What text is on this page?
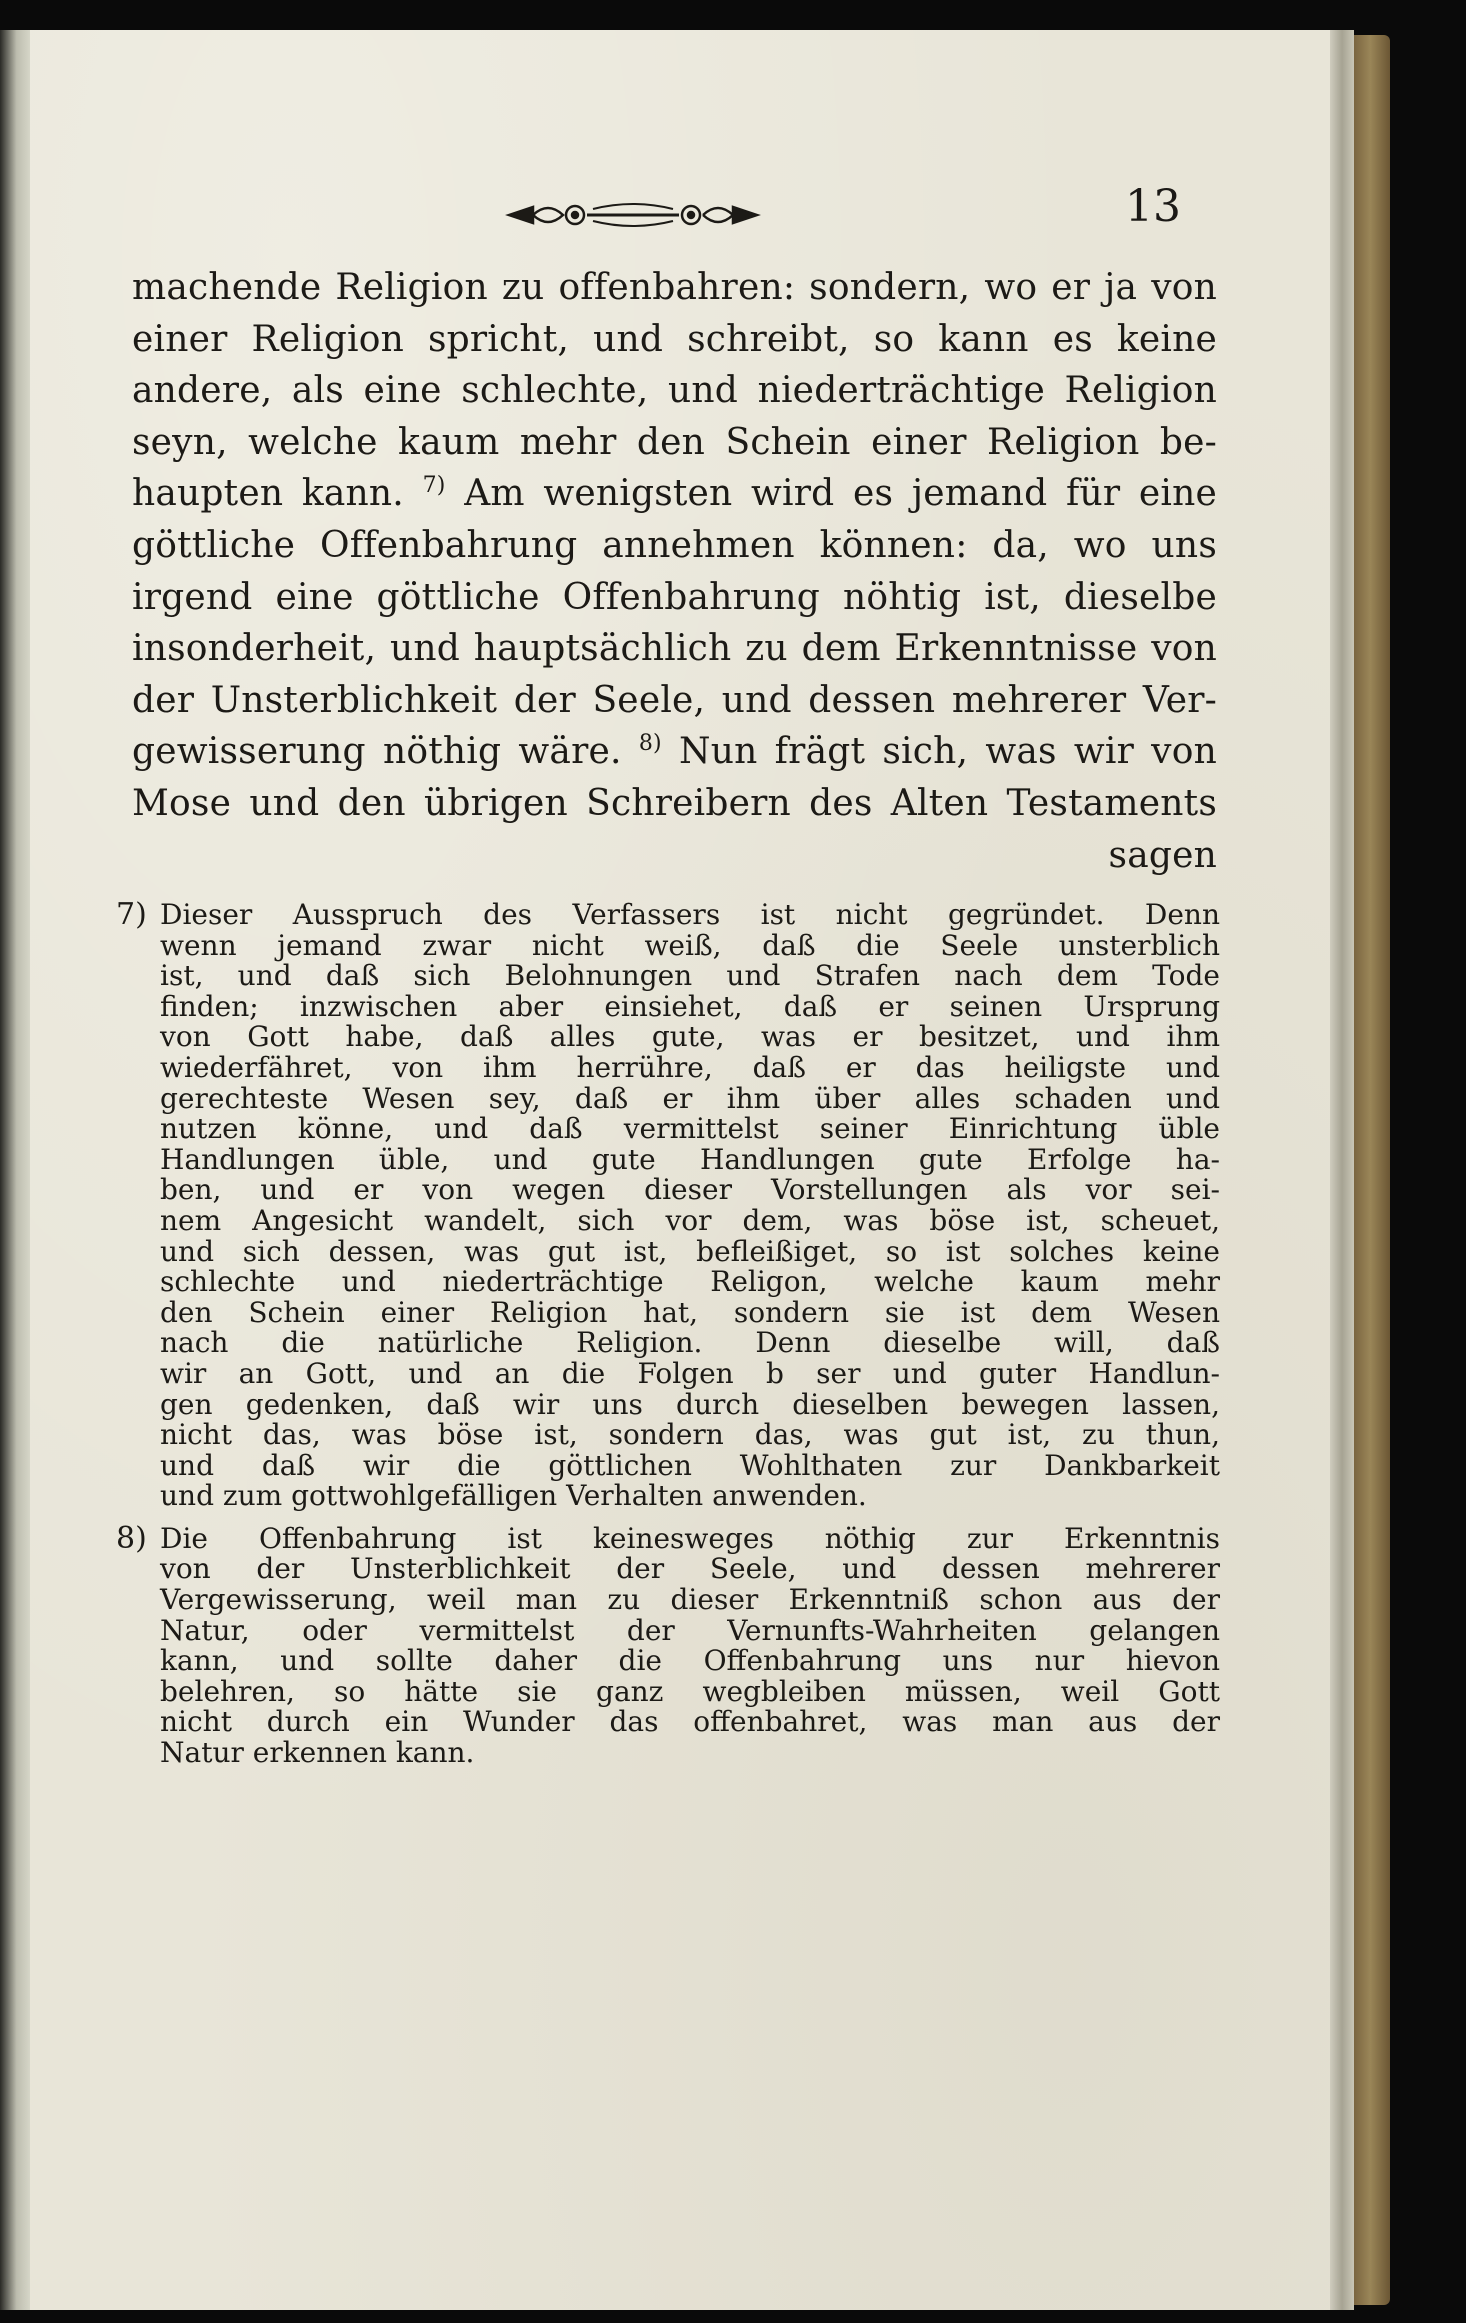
13
machende Religion zu offenbahren: sondern, wo er ja von
einer Religion spricht, und schreibt, so kann es keine
andere, als eine schlechte, und niederträchtige Religion
seyn, welche kaum mehr den Schein einer Religion be-
haupten kann. $^{7)}$ Am wenigsten wird es jemand für eine
göttliche Offenbahrung annehmen können: da, wo uns
irgend eine göttliche Offenbahrung nöhtig ist, dieselbe
insonderheit, und hauptsächlich zu dem Erkenntnisse von
der Unsterblichkeit der Seele, und dessen mehrerer Ver-
gewisserung nöthig wäre. $^{8)}$ Nun frägt sich, was wir von
Mose und den übrigen Schreibern des Alten Testaments
sagen
7) Dieser Ausspruch des Verfassers ist nicht gegründet. Denn
wenn jemand zwar nicht weiß, daß die Seele unsterblich
ist, und daß sich Belohnungen und Strafen nach dem Tode
finden; inzwischen aber einsiehet, daß er seinen Ursprung
von Gott habe, daß alles gute, was er besitzet, und ihm
wiederfähret, von ihm herrühre, daß er das heiligste und
gerechteste Wesen sey, daß er ihm über alles schaden und
nutzen könne, und daß vermittelst seiner Einrichtung üble
Handlungen üble, und gute Handlungen gute Erfolge ha-
ben, und er von wegen dieser Vorstellungen als vor sei-
nem Angesicht wandelt, sich vor dem, was böse ist, scheuet,
und sich dessen, was gut ist, befleißiget, so ist solches keine
schlechte und niederträchtige Religon, welche kaum mehr
den Schein einer Religion hat, sondern sie ist dem Wesen
nach die natürliche Religion. Denn dieselbe will, daß
wir an Gott, und an die Folgen b ser und guter Handlun-
gen gedenken, daß wir uns durch dieselben bewegen lassen,
nicht das, was böse ist, sondern das, was gut ist, zu thun,
und daß wir die göttlichen Wohlthaten zur Dankbarkeit
und zum gottwohlgefälligen Verhalten anwenden.
8) Die Offenbahrung ist keinesweges nöthig zur Erkenntnis
von der Unsterblichkeit der Seele, und dessen mehrerer
Vergewisserung, weil man zu dieser Erkenntniß schon aus der
Natur, oder vermittelst der Vernunfts-Wahrheiten gelangen
kann, und sollte daher die Offenbahrung uns nur hievon
belehren, so hätte sie ganz wegbleiben müssen, weil Gott
nicht durch ein Wunder das offenbahret, was man aus der
Natur erkennen kann.
